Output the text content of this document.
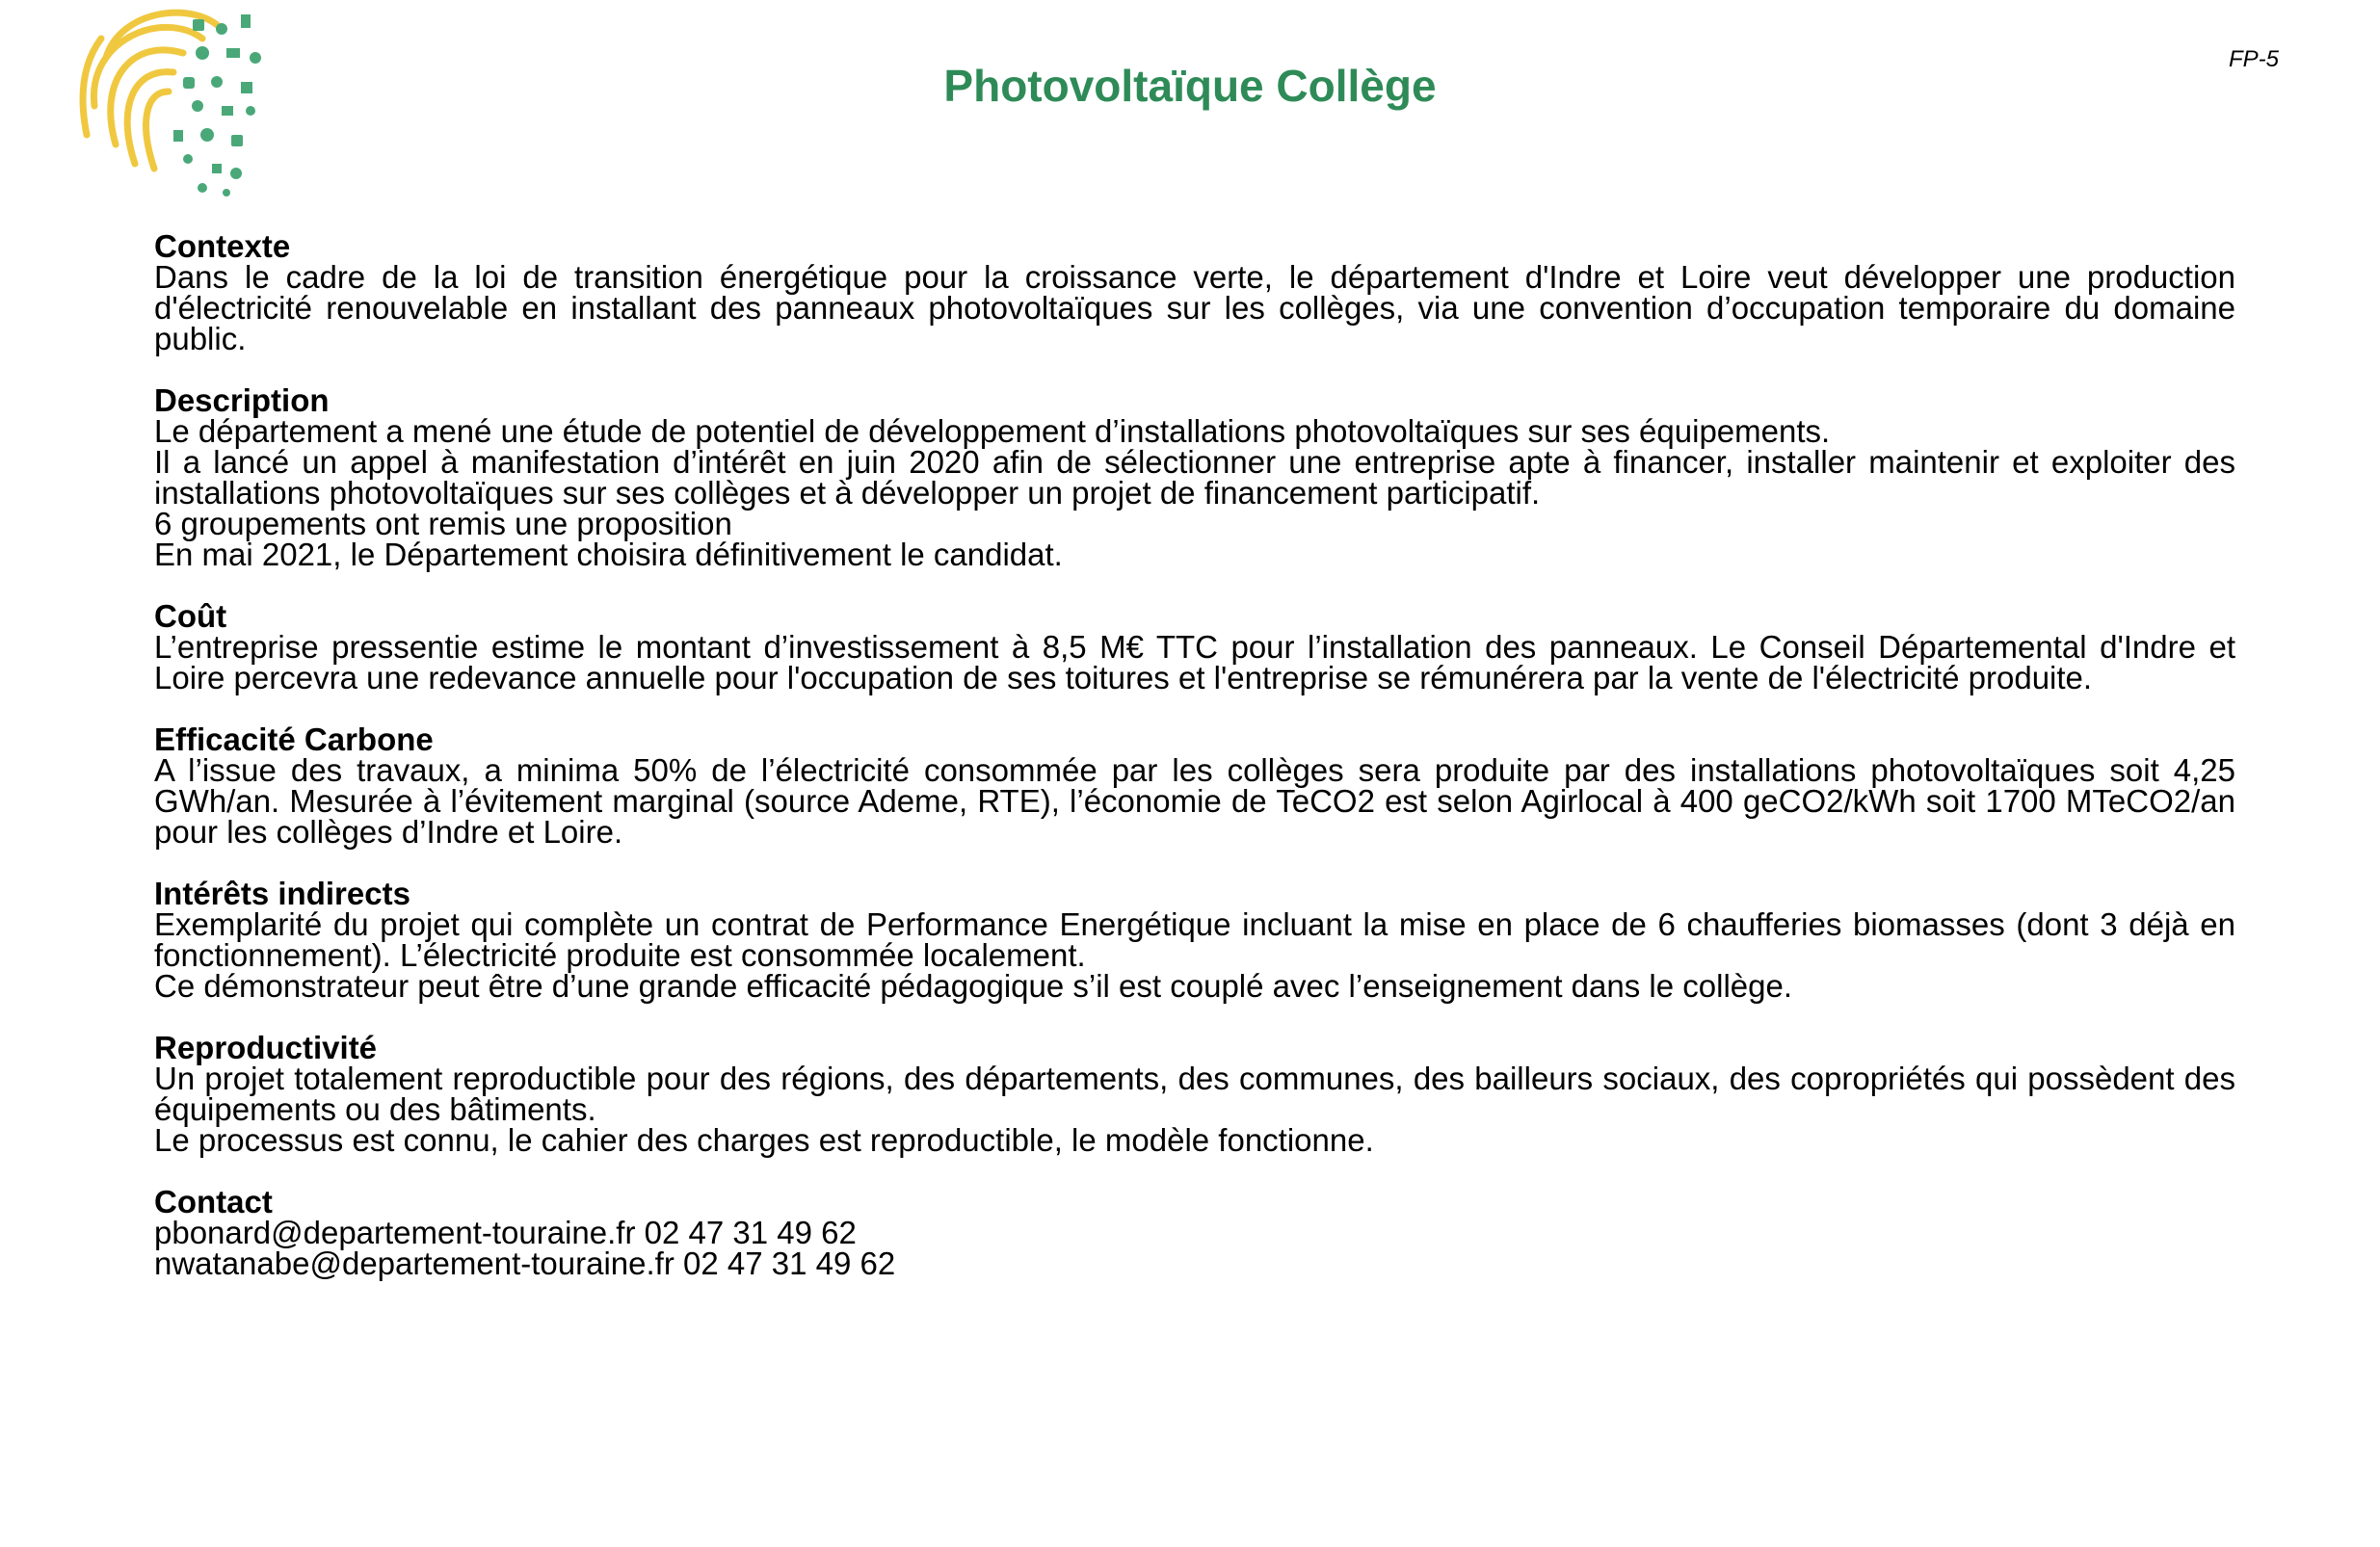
Photovoltaïque Collège
FP-5
Contexte
Dans le cadre de la loi de transition énergétique pour la croissance verte, le département d'Indre et Loire veut développer une production d'électricité renouvelable en installant des panneaux photovoltaïques sur les collèges, via une convention d’occupation temporaire du domaine public.
Description
Le département a mené une étude de potentiel de développement d’installations photovoltaïques sur ses équipements.
Il a lancé un appel à manifestation d’intérêt en juin 2020 afin de sélectionner une entreprise apte à financer, installer maintenir et exploiter des installations photovoltaïques sur ses collèges et à développer un projet de financement participatif.
6 groupements ont remis une proposition
En mai 2021, le Département choisira définitivement le candidat.
Coût
L’entreprise pressentie estime le montant d’investissement à 8,5 M€ TTC pour l’installation des panneaux. Le Conseil Départemental d'Indre et Loire percevra une redevance annuelle pour l'occupation de ses toitures et l'entreprise se rémunérera par la vente de l'électricité produite.
Efficacité Carbone
A l’issue des travaux, a minima 50% de l’électricité consommée par les collèges sera produite par des installations photovoltaïques soit 4,25 GWh/an. Mesurée à l’évitement marginal (source Ademe, RTE), l’économie de TeCO2 est selon Agirlocal à 400 geCO2/kWh soit 1700 MTeCO2/an pour les collèges d’Indre et Loire.
Intérêts indirects
Exemplarité du projet qui complète un contrat de Performance Energétique incluant la mise en place de 6 chaufferies biomasses (dont 3 déjà en fonctionnement). L’électricité produite est consommée localement.
Ce démonstrateur peut être d’une grande efficacité pédagogique s’il est couplé avec l’enseignement dans le collège.
Reproductivité
Un projet totalement reproductible pour des régions, des départements, des communes, des bailleurs sociaux, des copropriétés qui possèdent des équipements ou des bâtiments.
Le processus est connu, le cahier des charges est reproductible, le modèle fonctionne.
Contact
pbonard@departement-touraine.fr 02 47 31 49 62
nwatanabe@departement-touraine.fr 02 47 31 49 62
